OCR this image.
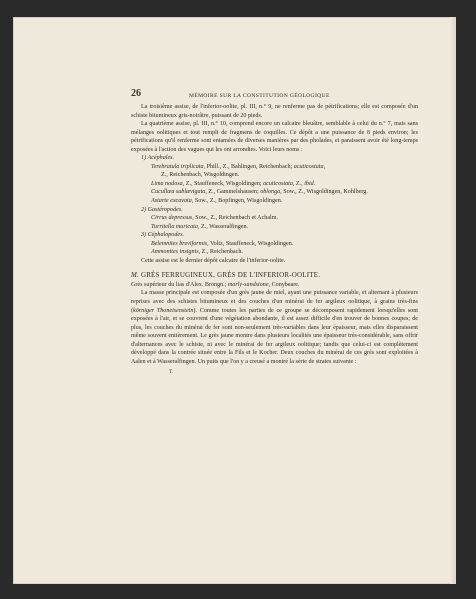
26	MÉMOIRE SUR LA CONSTITUTION GÉOLOGIQUE

La troisième assise, de l'inferior-oolite, pl. III, n.° 9, ne renferme pas de pétrifications; elle est composée d'un schiste bitumineux gris-noirâtre, puissant de 20 pieds.

La quatrième assise, pl. III, n.° 10, comprend encore un calcaire bleuâtre, semblable à celui du n.° 7, mais sans mélanges oolitiques et tout rempli de fragmens de coquilles. Ce dépôt a une puissance de 8 pieds environ; les pétrifications qu'il renferme sont entamées de diverses manières par des pholades, et paraissent avoir été long-temps exposées à l'action des vagues qui les ont arrondies. Voici leurs noms :

1) Acéphales.

Terebratula triplicata, Phill., Z., Bahlingen, Reichenbach; acuticostata,

Z., Reichenbach, Wisgoldingen.

Lima nodosa, Z., Stauffeneck, Wisgoldingen; acuticostata, Z., ibid.

Cucullæa sublævigata, Z., Gammelshausen; oblonga, Sow., Z., Wisgoldingen, Kohlberg.

Astarte excavata, Sow., Z., Bopfingen, Wisgoldingen.

2) Gastéropodes.

Cirrus depressus, Sow., Z., Reichenbach et Achalm.

Turritella muricata, Z., Wasseralfingen.

3) Céphalopodes.

Belemnites breviformis, Voltz, Stauffeneck, Wisgoldingen.

Ammonites insignis, Z., Reichenbach.

Cette assise est le dernier dépôt calcaire de l'inferior-oolite.

M. GRÈS FERRUGINEUX, GRÈS DE L'INFERIOR-OOLITE.

Grès supérieur du lias d'Alex. Brongn.; marly-sandstone, Conybeare.

La masse principale est composée d'un grès jaune de miel, ayant une puissance variable, et alternant à plusieurs reprises avec des schistes bitumineux et des couches d'un minérai de fer argileux oolitique, à grains très-fins (körniger Thoneisenstein). Comme toutes les parties de ce groupe se décomposent rapidement lorsqu'elles sont exposées à l'air, et se couvrent d'une végétation abondante, il est assez difficile d'en trouver de bonnes coupes; de plus, les couches du minérai de fer sont non-seulement très-variables dans leur épaisseur, mais elles disparaissent même souvent entièrement. Le grès jaune montre dans plusieurs localités une épaisseur très-considérable, sans offrir d'alternances avec le schiste, ni avec le minérai de fer argileux oolitique; tandis que celui-ci est complètement développé dans la contrée située entre la Fils et le Kocher. Deux couches du minérai de ces grès sont exploitées à Aalen et à Wasseralfingen. Un puits que l'on y a creusé a montré la série de strates suivante :

T.
